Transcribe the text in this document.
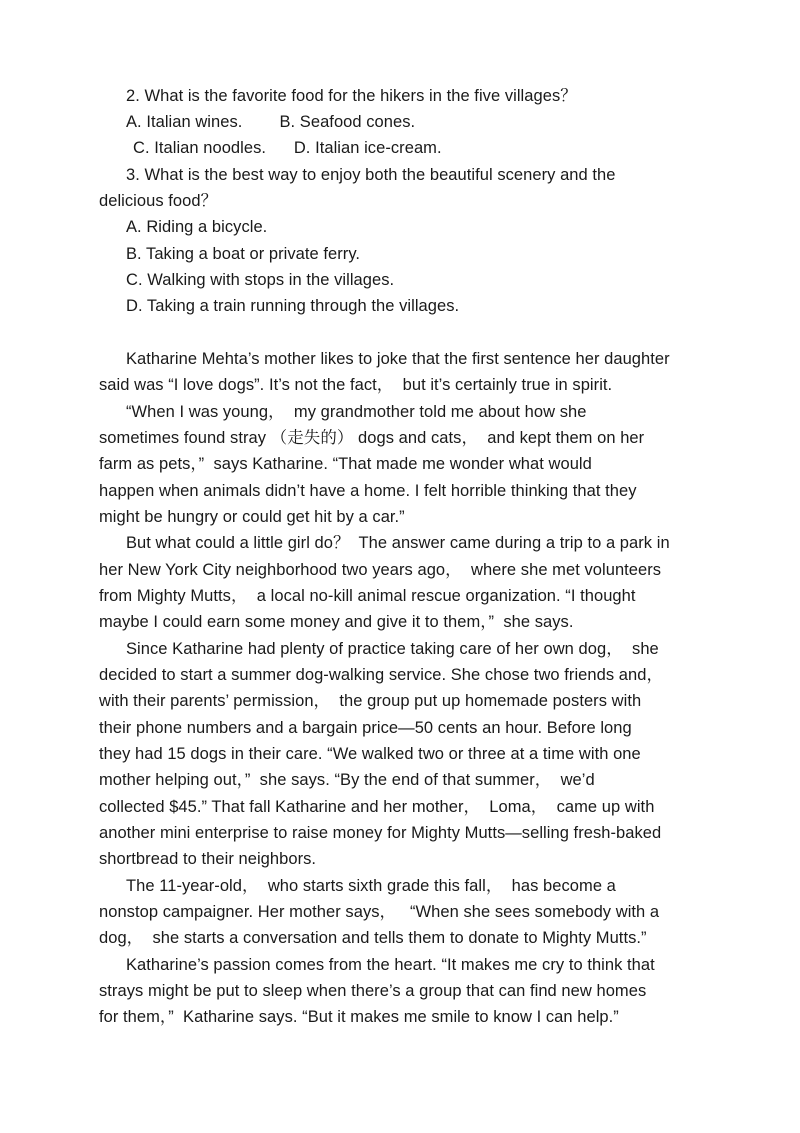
2. What is the favorite food for the hikers in the five villages？
A. Italian wines.        B. Seafood cones.
C. Italian noodles.      D. Italian ice-cream.
3. What is the best way to enjoy both the beautiful scenery and the
delicious food？
A. Riding a bicycle.
B. Taking a boat or private ferry.
C. Walking with stops in the villages.
D. Taking a train running through the villages.
Katharine Mehta’s mother likes to joke that the first sentence her daughter
said was “I love dogs”. It’s not the fact，  but it’s certainly true in spirit.
“When I was young，  my grandmother told me about how she
sometimes found stray （走失的） dogs and cats，  and kept them on her
farm as pets，”  says Katharine. “That made me wonder what would
happen when animals didn’t have a home. I felt horrible thinking that they
might be hungry or could get hit by a car.”
But what could a little girl do？  The answer came during a trip to a park in
her New York City neighborhood two years ago，  where she met volunteers
from Mighty Mutts，  a local no-kill animal rescue organization. “I thought
maybe I could earn some money and give it to them，”  she says.
Since Katharine had plenty of practice taking care of her own dog，  she
decided to start a summer dog-walking service. She chose two friends and，
with their parents’ permission，  the group put up homemade posters with
their phone numbers and a bargain price—50 cents an hour. Before long
they had 15 dogs in their care. “We walked two or three at a time with one
mother helping out，”  she says. “By the end of that summer，  we’d
collected $45.” That fall Katharine and her mother，  Loma，  came up with
another mini enterprise to raise money for Mighty Mutts—selling fresh-baked
shortbread to their neighbors.
The 11-year-old，  who starts sixth grade this fall，  has become a
nonstop campaigner. Her mother says，   “When she sees somebody with a
dog，  she starts a conversation and tells them to donate to Mighty Mutts.”
Katharine’s passion comes from the heart. “It makes me cry to think that
strays might be put to sleep when there’s a group that can find new homes
for them，”  Katharine says. “But it makes me smile to know I can help.”
